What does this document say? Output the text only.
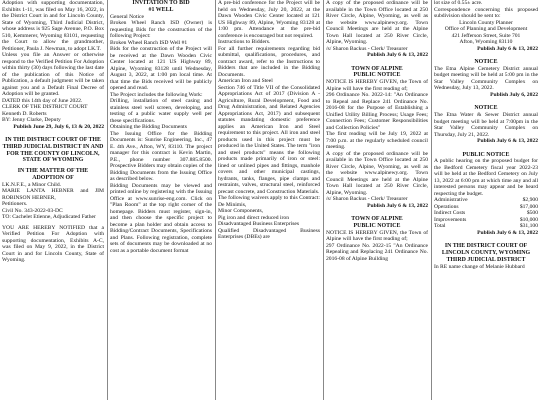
Adoption with supporting documentation, Exhibits 1-11, was filed on May 16, 2022, in the District Court in and for Lincoln County, State of Wyoming, Third Judicial District, whose address is 925 Sage Avenue, P.O. Box 510, Kemmerer, Wyoming 83101, requesting the Court to allow the grandmother, Petitioner, Paula J. Newman, to adopt LK.T.

Unless you file an Answer or otherwise respond to the Verified Petition For Adoption within thirty (30) days following the last date of the publication of this Notice of Publication, a default judgment will be taken against you and a Default Final Decree of Adoption will be granted.

DATED this 14th day of June 2022.

CLERK OF THE DISTRICT COURT

Kenneth D. Roberts

BY: Jenny Clarke, Deputy

Publish June 29, July 6, 13 & 20, 2022

IN THE DISTRICT COURT OF THE THIRD JUDICIAL DISTRICT IN AND FOR THE COUNTY OF LINCOLN, STATE OF WYOMING

IN THE MATTER OF THE ADOPTION OF

LK.N.F.E., a Minor Child.

MARIE LANTA HEBNER and JIM ROBINSON HEBNER,

Petitioners.

Civil No. 343-2022-03-DC

TO: Cachelet Etienne, Adjudicated Father

YOU ARE HEREBY NOTIFIED that a Verified Petition For Adoption with supporting documentation, Exhibits A-C, was filed on May 9, 2022, in the District Court in and for Lincoln County, State of Wyoming.

INVITATION TO BID

#1 WELL

General Notice

Broken Wheel Ranch ISD (Owner) is requesting Bids for the construction of the following Project:

Broken Wheel Ranch ISD Well #1

Bids for the construction of the Project will be received at the Dawn Wooden Civic Center located at 121 US Highway 89, Alpine, Wyoming 83128 until Wednesday, August 3, 2022, at 1:00 pm local time. At that time the Bids received will be publicly opened and read.

The Project includes the following Work:

Drilling, installation of steel casing and stainless steel well screen, developing, and testing of a public water supply well per these specifications.

Obtaining the Bidding Documents

The Issuing Office for the Bidding Documents is: Sunrise Engineering, Inc., 47 E. 4th Ave., Afton, WY, 83110. The project manager for this contract is Kevin Martin, P.E., phone number 307.885.8500. Prospective Bidders may obtain copies of the Bidding Documents from the Issuing Office as described below.

Bidding Documents may be viewed and printed online by registering with the Issuing Office at www.sunrise-eng.com. Click on "Plan Room" at the top right corner of the homepage. Bidders must register, sign-in, and then choose the specific project to become a plan holder and obtain access to Bidding/Contract Documents, Specifications and Plans. Following registration, complete sets of documents may be downloaded at no cost as a portable document format

A pre-bid conference for the Project will be held on Wednesday, July 20, 2022, at the Dawn Wooden Civic Center located at 121 US Highway 89, Alpine, Wyoming 83128 at 1:00 pm. Attendance at the pre-bid conference is encouraged but not required.

Instructions to Bidders.

For all further requirements regarding bid submittal, qualifications, procedures, and contract award, refer to the Instructions to Bidders that are included in the Bidding Documents.

American Iron and Steel

Section 746 of Title VII of the Consolidated Appropriations Act of 2017 (Division A - Agriculture, Rural Development, Food and Drug Administration, and Related Agencies Appropriations Act, 2017) and subsequent statutes mandating domestic preference applies an American Iron and Steel requirement to this project. All iron and steel products used in this project must be produced in the United States. The term "iron and steel products" means the following products made primarily of iron or steel: lined or unlined pipes and fittings, manhole covers and other municipal castings, hydrants, tanks, flanges, pipe clamps and restraints, valves, structural steel, reinforced precast concrete, and Construction Materials.

The following waivers apply to this Contract:

De Minimis,

Minor Components,

Pig iron and direct reduced iron

Disadvantaged Business Enterprises

Qualified Disadvantaged Business Enterprises (DBEs) are

A copy of the proposed ordinance will be available in the Town Office located at 250 River Circle, Alpine, Wyoming, as well as the website www.alpinewy.org. Town Council Meetings are held at the Alpine Town Hall located at 250 River Circle, Alpine, Wyoming.

/s/ Sharon Backus - Clerk/ Treasurer

Publish July 6 & 13, 2022

TOWN OF ALPINE

PUBLIC NOTICE

NOTICE IS HEREBY GIVEN, the Town of Alpine will have the first reading of;

296 Ordinance No. 2022-14: "An Ordinance to Repeal and Replace 241 Ordinance No. 2016-08 for the Purpose of Establishing a Unified Utility Billing Process; Usage Fees; Connection Fees; Customer Responsibilities and Collection Policies"

The first reading will be July 19, 2022 at 7:00 p.m. at the regularly scheduled council meeting.

A copy of the proposed ordinance will be available in the Town Office located at 250 River Circle, Alpine, Wyoming, as well as the website www.alpinewy.org. Town Council Meetings are held at the Alpine Town Hall located at 250 River Circle, Alpine, Wyoming.

/s/ Sharon Backus - Clerk/ Treasurer

Publish July 6 & 13, 2022

TOWN OF ALPINE

PUBLIC NOTICE

NOTICE IS HEREBY GIVEN, the Town of Alpine will have the first reading of;

297 Ordinance No. 2022-15 "An Ordinance Repealing and Replacing 241 Ordinance No. 2016-08 of Alpine Building

lot size of 0.55± acre.

Correspondence concerning this proposed subdivision should be sent to:

Lincoln County Planner

Office of Planning and Development

421 Jefferson Street, Suite 701

Afton, Wyoming 83110

Publish July 6 & 13, 2022

NOTICE

The Etna Alpine Cemetery District annual budget meeting will be held at 5:00 pm in the Star Valley Community Complex on Wednesday, July 13, 2022.

Publish July 6, 2022

NOTICE

The Etna Water & Sewer District annual budget meeting will be held at 7:00pm in the Star Valley Community Complex on Thursday, July 21, 2022.

Publish July 6 & 13, 2022

PUBLIC NOTICE

A public hearing on the proposed budget for the Bedford Cemetery fiscal year 2022-23 will be held at the Bedford Cemetery on July 13, 2022 at 6:00 pm at which time any and all interested persons may appear and be heard respecting the budget.

Administrative	$2,900
Operations	$17,000
Indirect Costs	$500
Improvements	$10,000
Total	$31,100

Publish July 6 & 13, 2022

IN THE DISTRICT COURT OF LINCOLN COUNTY, WYOMING THIRD JUDICIAL DISTRICT

In RE name change of Melanie Hubbard
